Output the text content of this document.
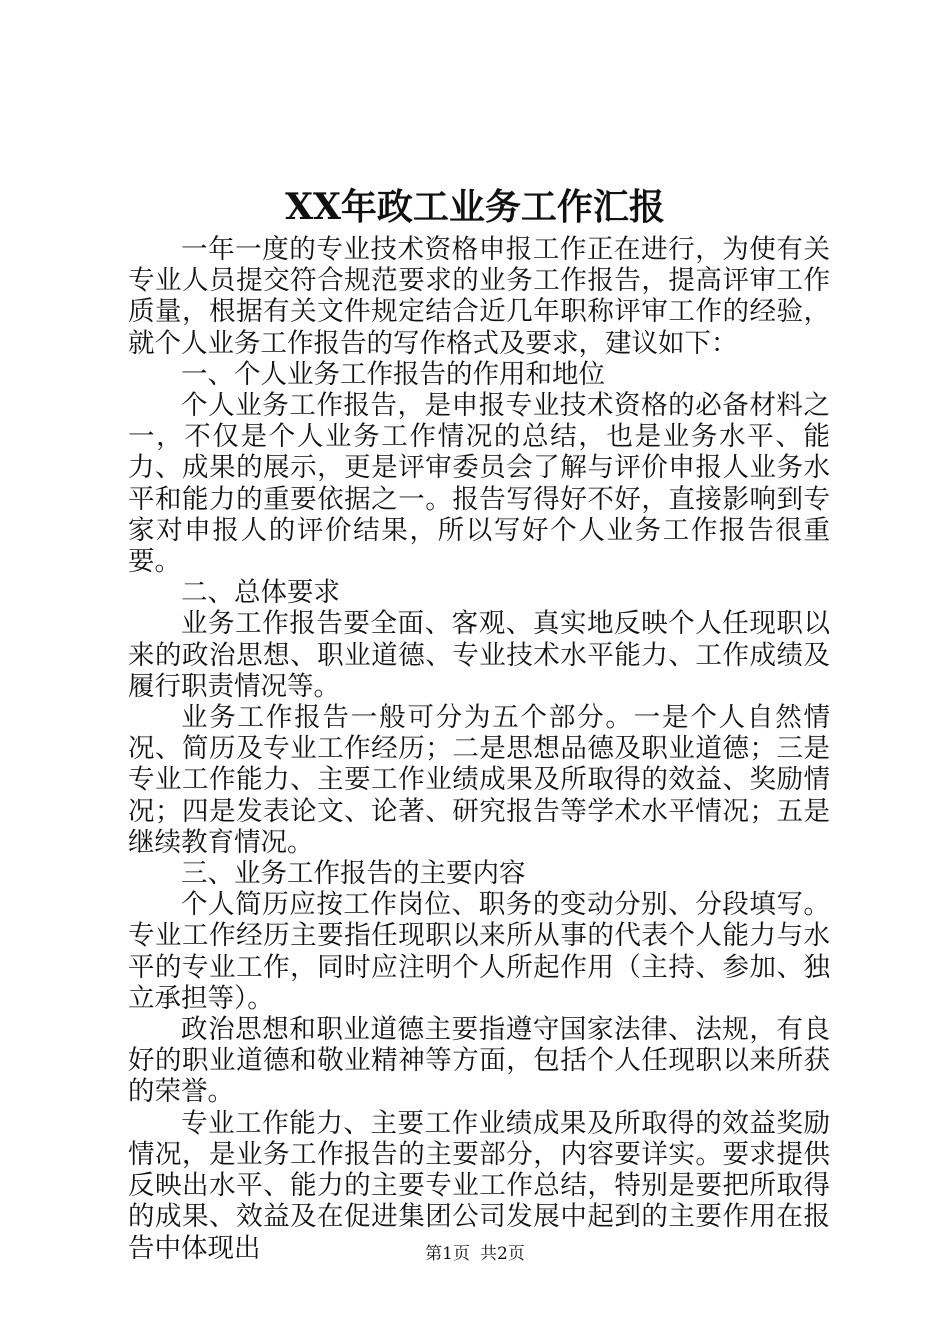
XX年政工业务工作汇报

一年一度的专业技术资格申报工作正在进行，为使有关专业人员提交符合规范要求的业务工作报告，提高评审工作质量，根据有关文件规定结合近几年职称评审工作的经验，就个人业务工作报告的写作格式及要求，建议如下：

一、个人业务工作报告的作用和地位

个人业务工作报告，是申报专业技术资格的必备材料之一，不仅是个人业务工作情况的总结，也是业务水平、能力、成果的展示，更是评审委员会了解与评价申报人业务水平和能力的重要依据之一。报告写得好不好，直接影响到专家对申报人的评价结果，所以写好个人业务工作报告很重要。

二、总体要求

业务工作报告要全面、客观、真实地反映个人任现职以来的政治思想、职业道德、专业技术水平能力、工作成绩及履行职责情况等。

业务工作报告一般可分为五个部分。一是个人自然情况、简历及专业工作经历；二是思想品德及职业道德；三是专业工作能力、主要工作业绩成果及所取得的效益、奖励情况；四是发表论文、论著、研究报告等学术水平情况；五是继续教育情况。

三、业务工作报告的主要内容

个人简历应按工作岗位、职务的变动分别、分段填写。专业工作经历主要指任现职以来所从事的代表个人能力与水平的专业工作，同时应注明个人所起作用（主持、参加、独立承担等）。

政治思想和职业道德主要指遵守国家法律、法规，有良好的职业道德和敬业精神等方面，包括个人任现职以来所获的荣誉。

专业工作能力、主要工作业绩成果及所取得的效益奖励情况，是业务工作报告的主要部分，内容要详实。要求提供反映出水平、能力的主要专业工作总结，特别是要把所取得的成果、效益及在促进集团公司发展中起到的主要作用在报告中体现出	第1页 共2页
